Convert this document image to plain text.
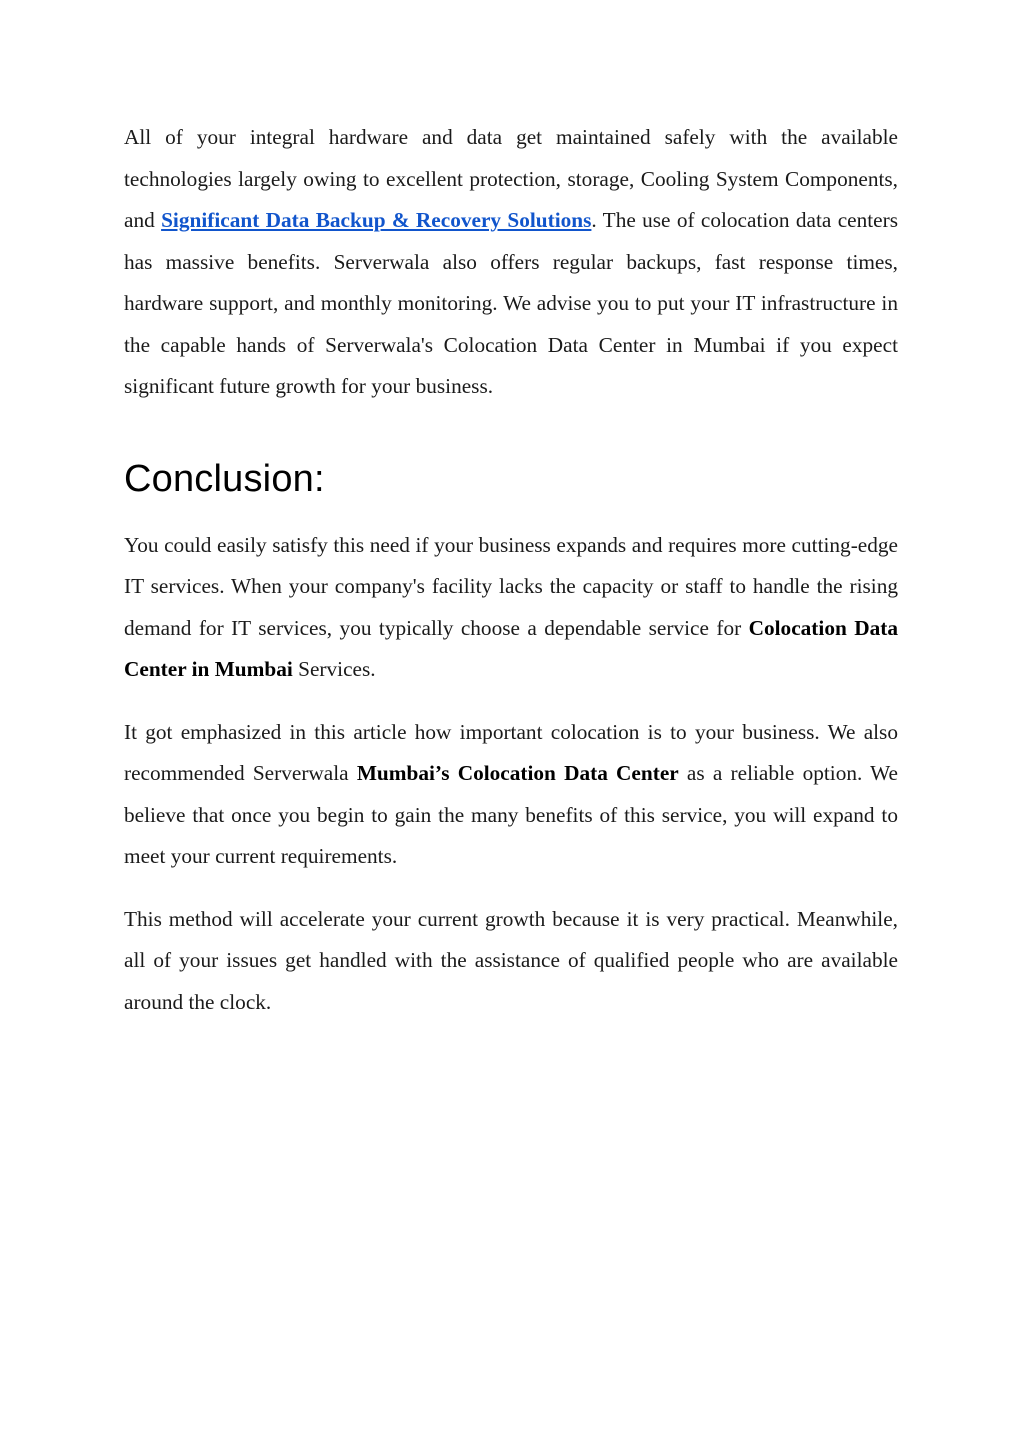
All of your integral hardware and data get maintained safely with the available technologies largely owing to excellent protection, storage, Cooling System Components, and Significant Data Backup & Recovery Solutions. The use of colocation data centers has massive benefits. Serverwala also offers regular backups, fast response times, hardware support, and monthly monitoring. We advise you to put your IT infrastructure in the capable hands of Serverwala's Colocation Data Center in Mumbai if you expect significant future growth for your business.

Conclusion:

You could easily satisfy this need if your business expands and requires more cutting-edge IT services. When your company's facility lacks the capacity or staff to handle the rising demand for IT services, you typically choose a dependable service for Colocation Data Center in Mumbai Services.

It got emphasized in this article how important colocation is to your business. We also recommended Serverwala Mumbai’s Colocation Data Center as a reliable option. We believe that once you begin to gain the many benefits of this service, you will expand to meet your current requirements.

This method will accelerate your current growth because it is very practical. Meanwhile, all of your issues get handled with the assistance of qualified people who are available around the clock.
